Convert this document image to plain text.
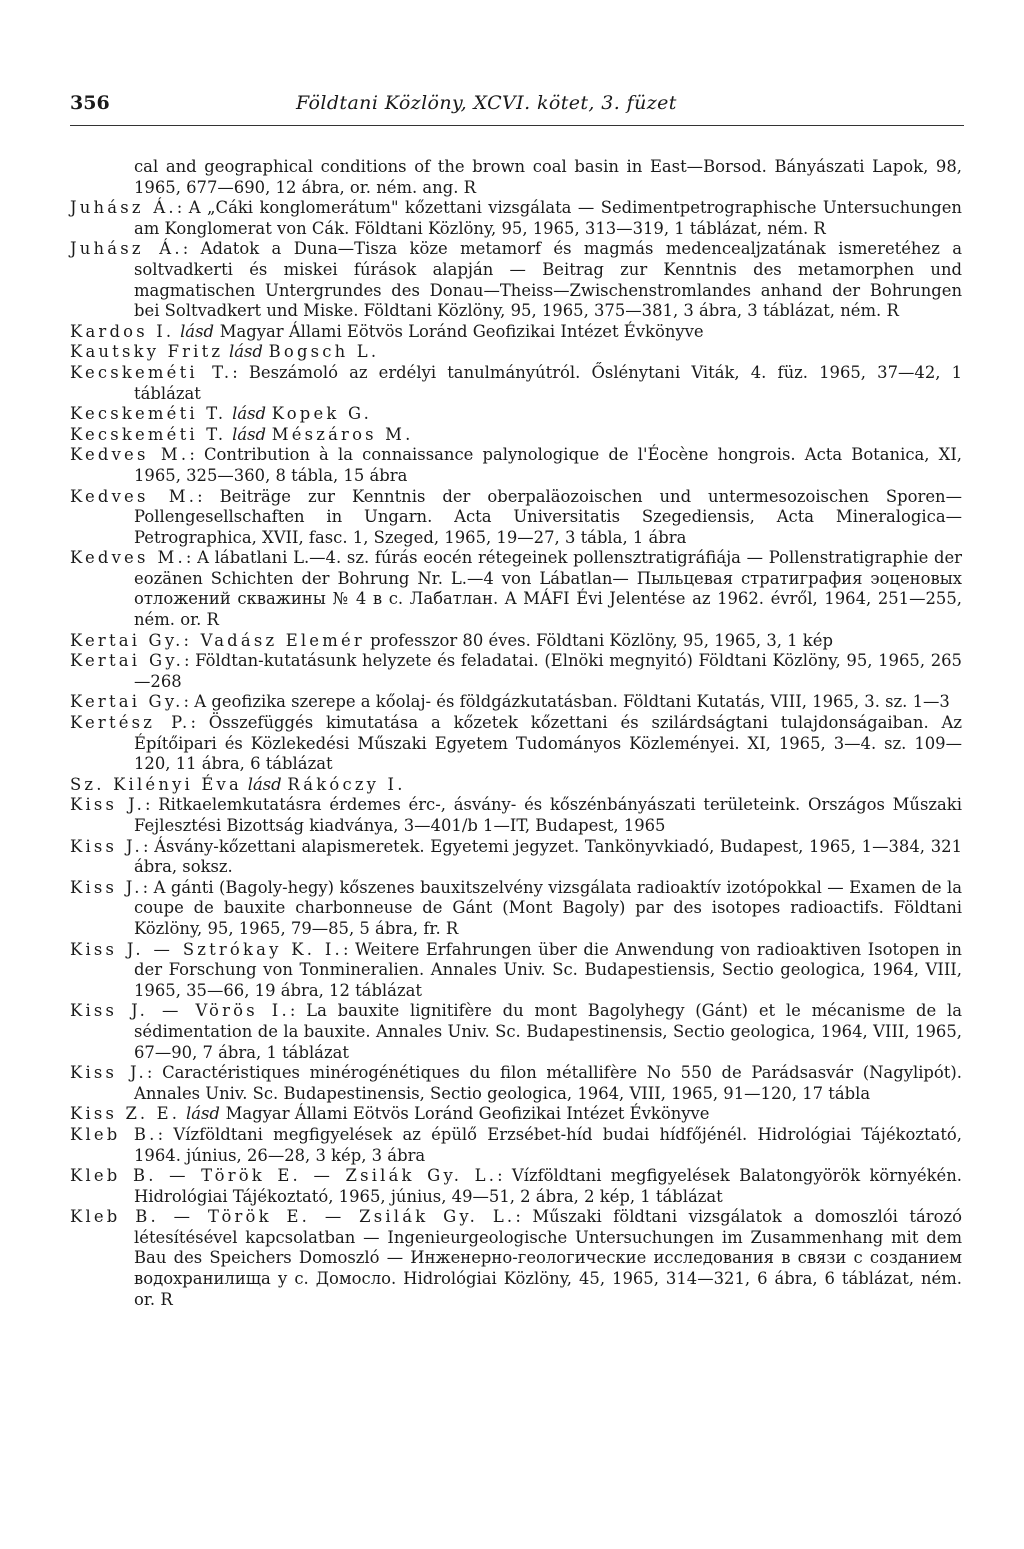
356	Földtani Közlöny, XCVI. kötet, 3. füzet

cal and geographical conditions of the brown coal basin in East—Borsod. Bányászati Lapok, 98, 1965, 677—690, 12 ábra, or. ném. ang. R

Juhász Á.: A „Cáki konglomerátum" kőzettani vizsgálata — Sedimentpetrographische Untersuchungen am Konglomerat von Cák. Földtani Közlöny, 95, 1965, 313—319, 1 táblázat, ném. R

Juhász Á.: Adatok a Duna—Tisza köze metamorf és magmás medencealjzatának ismeretéhez a soltvadkerti és miskei fúrások alapján — Beitrag zur Kenntnis des metamorphen und magmatischen Untergrundes des Donau—Theiss—Zwischenstromlandes anhand der Bohrungen bei Soltvadkert und Miske. Földtani Közlöny, 95, 1965, 375—381, 3 ábra, 3 táblázat, ném. R

Kardos I. lásd Magyar Állami Eötvös Loránd Geofizikai Intézet Évkönyve

Kautsky Fritz lásd Bogsch L.

Kecskeméti T.: Beszámoló az erdélyi tanulmányútról. Őslénytani Viták, 4. füz. 1965, 37—42, 1 táblázat

Kecskeméti T. lásd Kopek G.

Kecskeméti T. lásd Mészáros M.

Kedves M.: Contribution à la connaissance palynologique de l'Éocène hongrois. Acta Botanica, XI, 1965, 325—360, 8 tábla, 15 ábra

Kedves M.: Beiträge zur Kenntnis der oberpaläozoischen und untermesozoischen Sporen—Pollengesellschaften in Ungarn. Acta Universitatis Szegediensis, Acta Mineralogica—Petrographica, XVII, fasc. 1, Szeged, 1965, 19—27, 3 tábla, 1 ábra

Kedves M.: A lábatlani L.—4. sz. fúrás eocén rétegeinek pollensztratigráfiája — Pollenstratigraphie der eozänen Schichten der Bohrung Nr. L.—4 von Lábatlan— Пыльцевая стратиграфия эоценовых отложений скважины № 4 в с. Лабатлан. A MÁFI Évi Jelentése az 1962. évről, 1964, 251—255, ném. or. R

Kertai Gy.: Vadász Elemér professzor 80 éves. Földtani Közlöny, 95, 1965, 3, 1 kép

Kertai Gy.: Földtan-kutatásunk helyzete és feladatai. (Elnöki megnyitó) Földtani Közlöny, 95, 1965, 265—268

Kertai Gy.: A geofizika szerepe a kőolaj- és földgázkutatásban. Földtani Kutatás, VIII, 1965, 3. sz. 1—3

Kertész P.: Összefüggés kimutatása a kőzetek kőzettani és szilárdságtani tulajdonságaiban. Az Építőipari és Közlekedési Műszaki Egyetem Tudományos Közleményei. XI, 1965, 3—4. sz. 109—120, 11 ábra, 6 táblázat

Sz. Kilényi Éva lásd Rákóczy I.

Kiss J.: Ritkaelemkutatásra érdemes érc-, ásvány- és kőszénbányászati területeink. Országos Műszaki Fejlesztési Bizottság kiadványa, 3—401/b 1—IT, Budapest, 1965

Kiss J.: Ásvány-kőzettani alapismeretek. Egyetemi jegyzet. Tankönyvkiadó, Budapest, 1965, 1—384, 321 ábra, soksz.

Kiss J.: A gánti (Bagoly-hegy) kőszenes bauxitszelvény vizsgálata radioaktív izotópokkal — Examen de la coupe de bauxite charbonneuse de Gánt (Mont Bagoly) par des isotopes radioactifs. Földtani Közlöny, 95, 1965, 79—85, 5 ábra, fr. R

Kiss J. — Sztrókay K. I.: Weitere Erfahrungen über die Anwendung von radioaktiven Isotopen in der Forschung von Tonmineralien. Annales Univ. Sc. Budapestiensis, Sectio geologica, 1964, VIII, 1965, 35—66, 19 ábra, 12 táblázat

Kiss J. — Vörös I.: La bauxite lignitifère du mont Bagolyhegy (Gánt) et le mécanisme de la sédimentation de la bauxite. Annales Univ. Sc. Budapestinensis, Sectio geologica, 1964, VIII, 1965, 67—90, 7 ábra, 1 táblázat

Kiss J.: Caractéristiques minérogénétiques du filon métallifère No 550 de Parádsasvár (Nagylipót). Annales Univ. Sc. Budapestinensis, Sectio geologica, 1964, VIII, 1965, 91—120, 17 tábla

Kiss Z. E. lásd Magyar Állami Eötvös Loránd Geofizikai Intézet Évkönyve

Kleb B.: Vízföldtani megfigyelések az épülő Erzsébet-híd budai hídfőjénél. Hidrológiai Tájékoztató, 1964. június, 26—28, 3 kép, 3 ábra

Kleb B. — Török E. — Zsilák Gy. L.: Vízföldtani megfigyelések Balatongyörök környékén. Hidrológiai Tájékoztató, 1965, június, 49—51, 2 ábra, 2 kép, 1 táblázat

Kleb B. — Török E. — Zsilák Gy. L.: Műszaki földtani vizsgálatok a domoszlói tározó létesítésével kapcsolatban — Ingenieurgeologische Untersuchungen im Zusammenhang mit dem Bau des Speichers Domoszló — Инженерно-геологические исследования в связи с созданием водохранилища у с. Домосло. Hidrológiai Közlöny, 45, 1965, 314—321, 6 ábra, 6 táblázat, ném. or. R
